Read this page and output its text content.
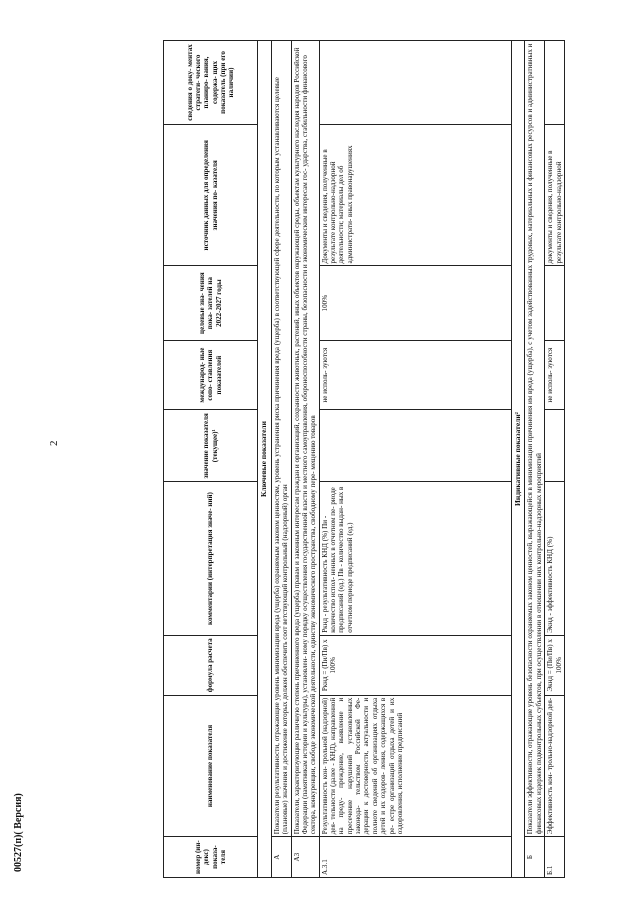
2
00527(п)( Версия)	номер (ин- декс) показа- теля	наименование показателя	формула расчета	комментарии (интерпретация значе- ний)	значение показателя (текущее)¹	междунаpод- ные сопо- ставления показателей	целевые зна- чения пока- зателей на 2022-2027 годы	источник данных для определения значения по- казателя	сведения о доку- ментах стратеги- ческого планиро- вания, содержа- щих показатель (при его наличии)
Ключевые показатели								
А	Показатели результативности, отражающие уровень минимизации вреда (ущерба) охраняемым законом ценностям, уровень устранения риска причинения вреда (ущерба) в соответствующей сфере деятельности, по которым устанавливаются целевые (плановые) значения и достижение которых должен обеспечить соот ветствующий контрольный (надзорный) орган							
А3	Показатели, характеризующие различную степень причиненного вреда (ущерба) правам и законным интересам граждан и организаций, сохранности животных, растений, иных объектов окружающей среды, объектам культурного наследия народов Российской Федерации (памятникам истории и культуры), установлен- ному порядку осуществления государственной власти и местного самоуправления, обороноспособности страны, безопасности и экономическим интересам гос- ударства, стабильности финансового сектора, конкуренции, свободе экономической деятельности, единству экономического пространства, свободному пере- мещению товаров							
А.3.1	Результативность кон- трольной (надзорной) дея- тельности (далее - КНД), направленной на преду- преждение, выявление и пресечение нарушений установленных законода- тельством Российской Фе- дерации к достоверности, актуальности и полноте сведений об организациях отдыха детей и их оздоров- ления, содержащихся в ре- естре организаций отдыха детей и их оздоровления, исполнение предписаний	Ркнд = (Пи/Пв) х 100%	Ркнд - результативность КНД (%) Пи - количество испол- ненных в отчетном пе- риоде предписаний (ед.) Пв - количество выдан- ных в отчетном периоде предписаний (ед.)		не исполь- зуются	100%	Документы и сведения, полученные в результате контрольно-надзорной деятельности; материалы дел об администрати- вных правонарушениях	
Индикативные показатели²								
Б	Показатели эффективности, отражающие уровень безопасности охраняемых законом ценностей, выражающейся в минимизации причинения им вреда (ущерба), с учетом задействованных трудовых, материальных и финансовых ресурсов и административных и финансовых издержек подконтрольных субъектов, при осуществлении в отношении них контрольно-надзорных мероприятий							
Б.1	Эффективность кон- трольно-надзорной дея-	Экнд = (Пи/Пв) х 100%	Экнд - эффективность КНД (%)		не исполь- зуются		документы и сведения, полученные в результате контрольно-надзорной	
